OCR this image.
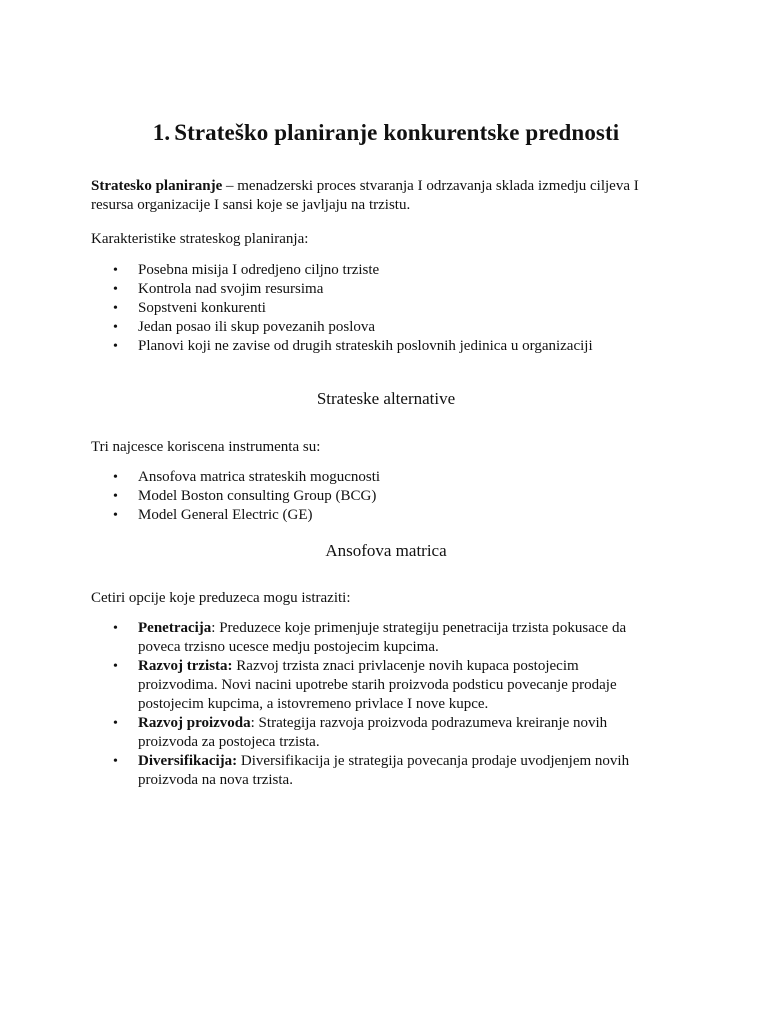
1. Strateško planiranje konkurentske prednosti

Stratesko planiranje – menadzerski proces stvaranja I odrzavanja sklada izmedju ciljeva I resursa organizacije I sansi koje se javljaju na trzistu.

Karakteristike strateskog planiranja:

• Posebna misija I odredjeno ciljno trziste
• Kontrola nad svojim resursima
• Sopstveni konkurenti
• Jedan posao ili skup povezanih poslova
• Planovi koji ne zavise od drugih strateskih poslovnih jedinica u organizaciji
Strateske alternative

Tri najcesce koriscena instrumenta su:

• Ansofova matrica strateskih mogucnosti
• Model Boston consulting Group (BCG)
• Model General Electric (GE)
Ansofova matrica

Cetiri opcije koje preduzeca mogu istraziti:

• Penetracija: Preduzece koje primenjuje strategiju penetracija trzista pokusace da poveca trzisno ucesce medju postojecim kupcima.
• Razvoj trzista: Razvoj trzista znaci privlacenje novih kupaca postojecim proizvodima. Novi nacini upotrebe starih proizvoda podsticu povecanje prodaje postojecim kupcima, a istovremeno privlace I nove kupce.
• Razvoj proizvoda: Strategija razvoja proizvoda podrazumeva kreiranje novih proizvoda za postojeca trzista.
• Diversifikacija: Diversifikacija je strategija povecanja prodaje uvodjenjem novih proizvoda na nova trzista.
